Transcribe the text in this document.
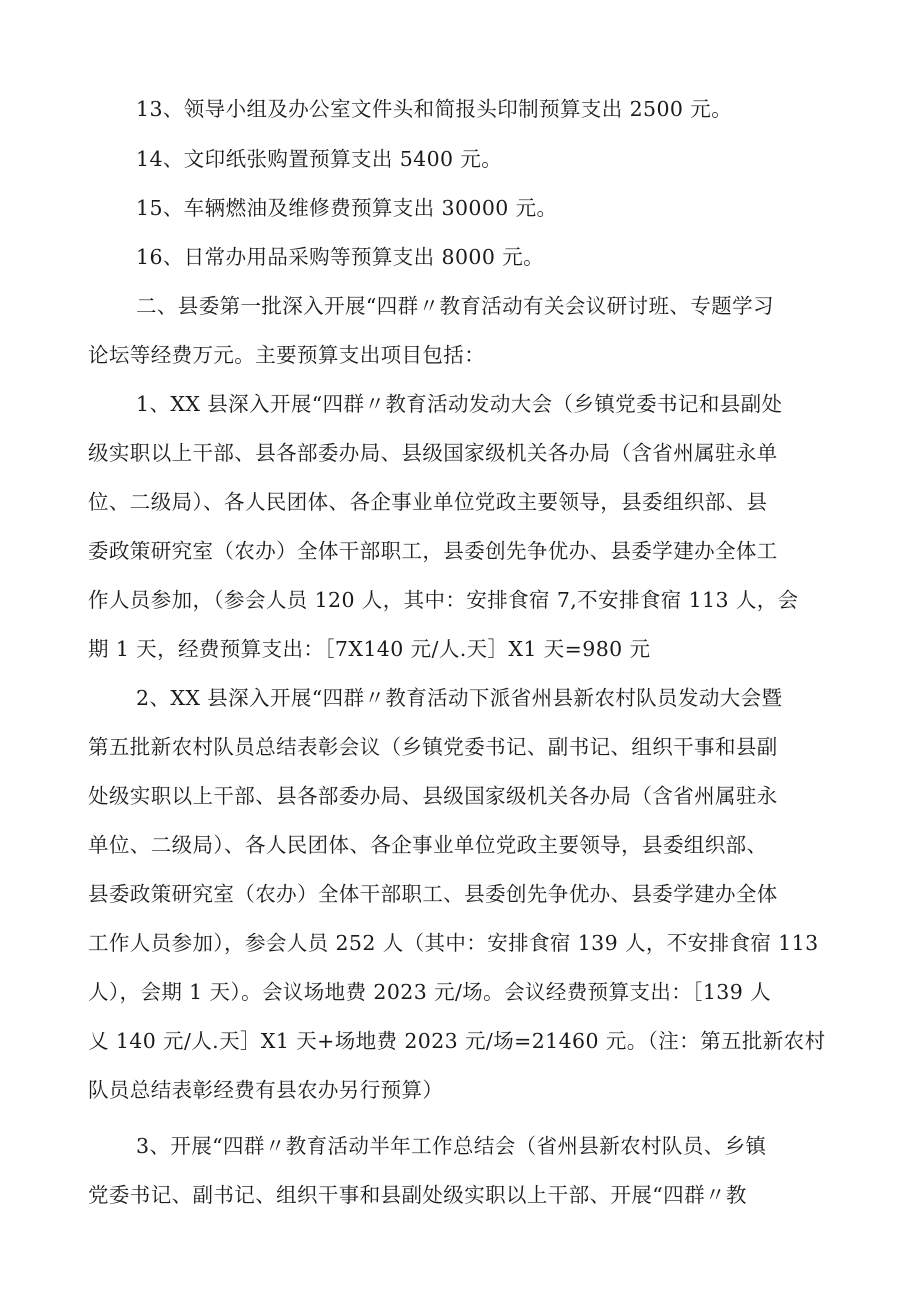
13、领导小组及办公室文件头和简报头印制预算支出 2500 元。
14、文印纸张购置预算支出 5400 元。
15、车辆燃油及维修费预算支出 30000 元。
16、日常办用品采购等预算支出 8000 元。
二、县委第一批深入开展“四群〃教育活动有关会议研讨班、专题学习
论坛等经费万元。主要预算支出项目包括：
1、XX 县深入开展“四群〃教育活动发动大会（乡镇党委书记和县副处
级实职以上干部、县各部委办局、县级国家级机关各办局（含省州属驻永单
位、二级局）、各人民团体、各企事业单位党政主要领导，县委组织部、县
委政策研究室（农办）全体干部职工，县委创先争优办、县委学建办全体工
作人员参加，（参会人员 120 人，其中：安排食宿 7,不安排食宿 113 人，会
期 1 天，经费预算支出：［7X140 元/人.天］X1 天=980 元
2、XX 县深入开展“四群〃教育活动下派省州县新农村队员发动大会暨
第五批新农村队员总结表彰会议（乡镇党委书记、副书记、组织干事和县副
处级实职以上干部、县各部委办局、县级国家级机关各办局（含省州属驻永
单位、二级局）、各人民团体、各企事业单位党政主要领导，县委组织部、
县委政策研究室（农办）全体干部职工、县委创先争优办、县委学建办全体
工作人员参加），参会人员 252 人（其中：安排食宿 139 人，不安排食宿 113
人），会期 1 天）。会议场地费 2023 元/场。会议经费预算支出：［139 人
乂 140 元/人.天］X1 天+场地费 2023 元/场=21460 元。（注：第五批新农村
队员总结表彰经费有县农办另行预算）
3、开展“四群〃教育活动半年工作总结会（省州县新农村队员、乡镇
党委书记、副书记、组织干事和县副处级实职以上干部、开展“四群〃教
